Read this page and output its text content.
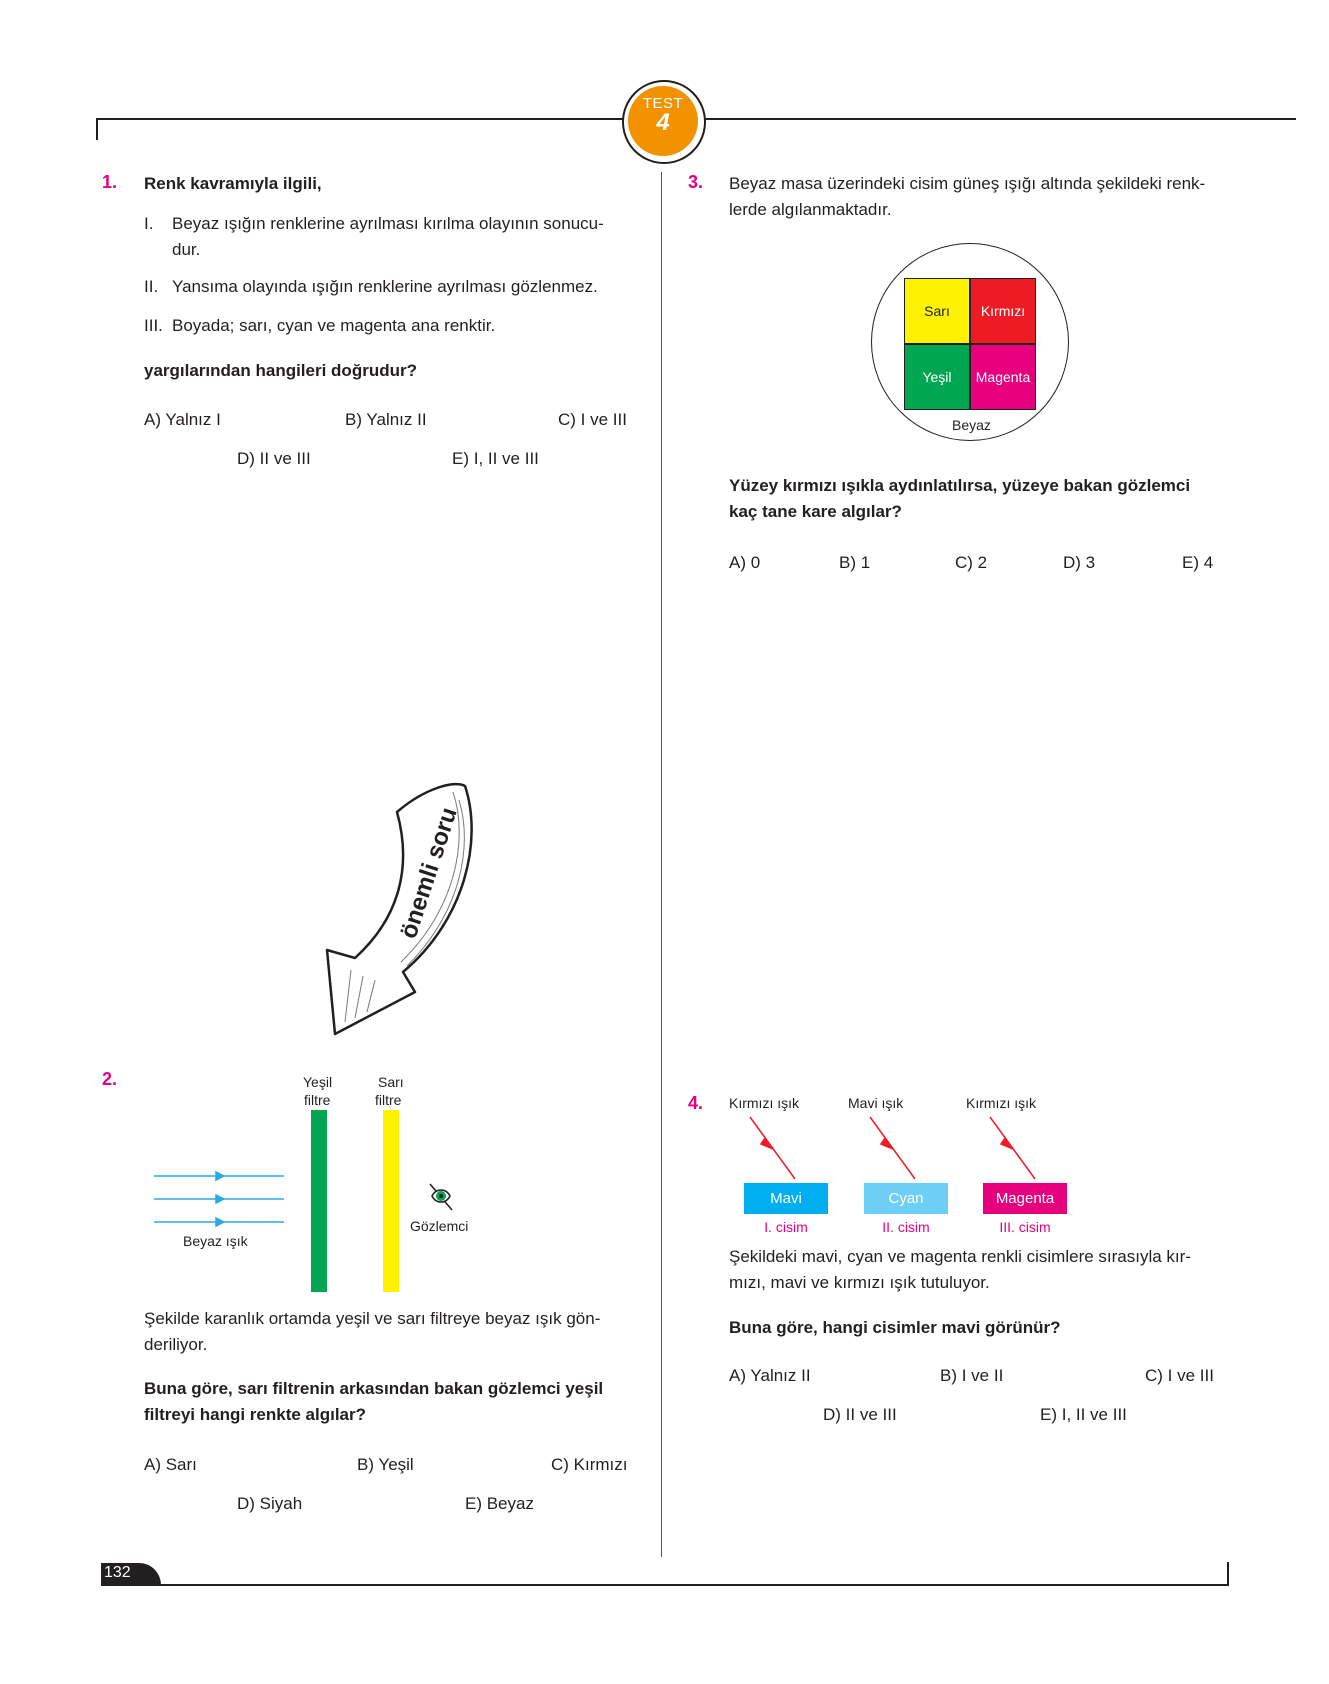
TEST
4
1. Renk kavramıyla ilgili,
I. Beyaz ışığın renklerine ayrılması kırılma olayının sonucu-
dur.
II. Yansıma olayında ışığın renklerine ayrılması gözlenmez.
III. Boyada; sarı, cyan ve magenta ana renktir.
yargılarından hangileri doğrudur?
A) Yalnız I	B) Yalnız II	C) I ve III
D) II ve III	E) I, II ve III
önemli soru
2.	Yeşil
filtre
Sarı
filtre
Beyaz ışık
Gözlemci
Şekilde karanlık ortamda yeşil ve sarı filtreye beyaz ışık gön-
deriliyor.
Buna göre, sarı filtrenin arkasından bakan gözlemci yeşil
filtreyi hangi renkte algılar?
A) Sarı	B) Yeşil	C) Kırmızı
D) Siyah	E) Beyaz
3. Beyaz masa üzerindeki cisim güneş ışığı altında şekildeki renk-
lerde algılanmaktadır.
Sarı	Kırmızı
Yeşil	Magenta
Beyaz
Yüzey kırmızı ışıkla aydınlatılırsa, yüzeye bakan gözlemci
kaç tane kare algılar?
A) 0	B) 1	C) 2	D) 3	E) 4
4. Kırmızı ışık	Mavi ışık	Kırmızı ışık
Mavi	Cyan	Magenta
I. cisim	II. cisim	III. cisim
Şekildeki mavi, cyan ve magenta renkli cisimlere sırasıyla kır-
mızı, mavi ve kırmızı ışık tutuluyor.
Buna göre, hangi cisimler mavi görünür?
A) Yalnız II	B) I ve II	C) I ve III
D) II ve III	E) I, II ve III
132
